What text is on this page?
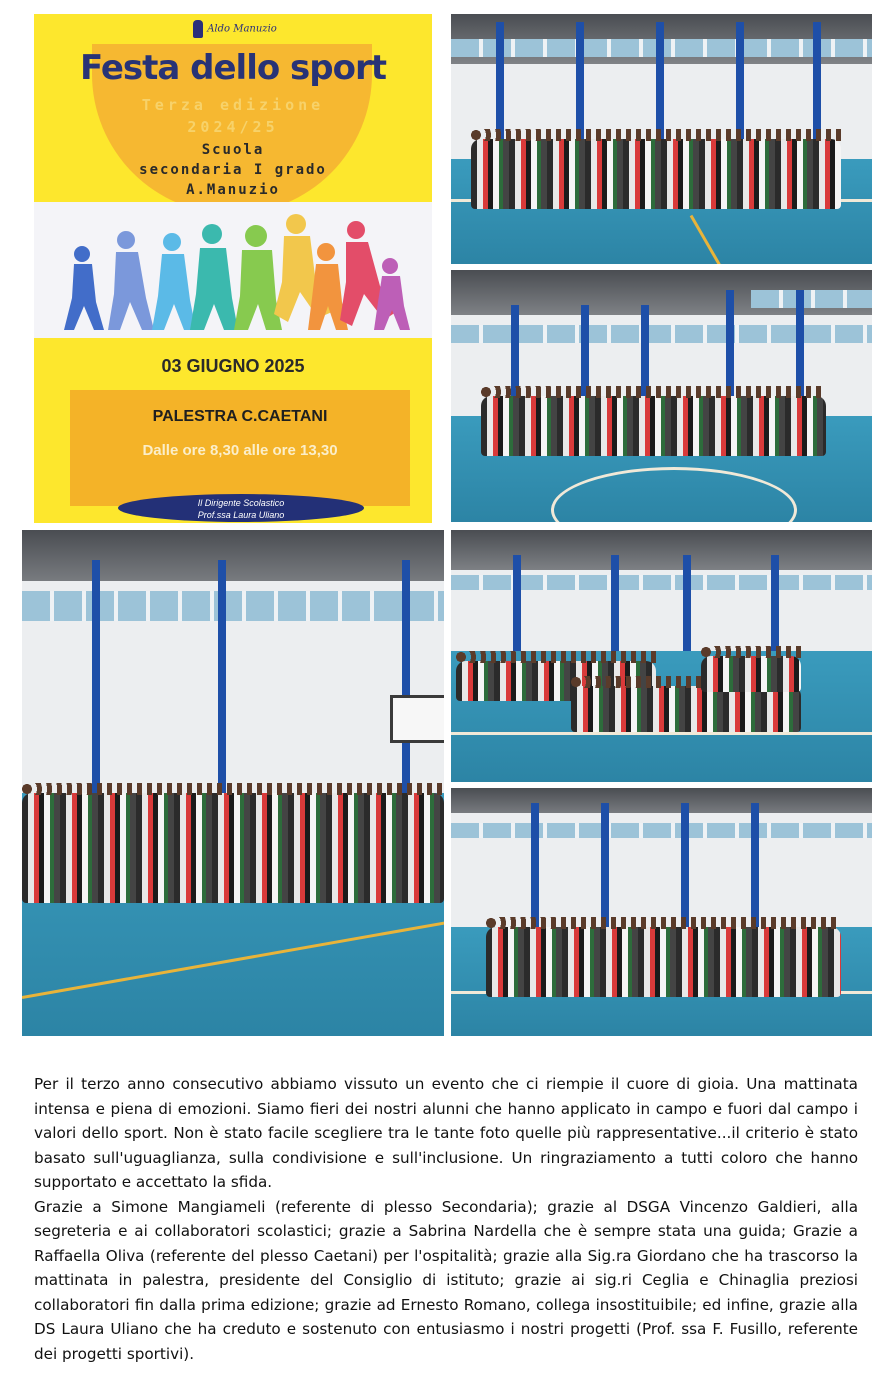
Aldo Manuzio
Festa dello sport
Terza edizione
2024/25
Scuola
secondaria I grado
A.Manuzio
03 GIUGNO 2025
PALESTRA C.CAETANI
Dalle ore 8,30 alle ore 13,30
Il Dirigente Scolastico
Prof.ssa Laura Uliano

Per il terzo anno consecutivo abbiamo vissuto un evento che ci riempie il cuore di gioia. Una mattinata intensa e piena di emozioni. Siamo fieri dei nostri alunni che hanno applicato in campo e fuori dal campo i valori dello sport. Non è stato facile scegliere tra le tante foto quelle più rappresentative...il criterio è stato basato sull'uguaglianza, sulla condivisione e sull'inclusione. Un ringraziamento a tutti coloro che hanno supportato e accettato la sfida.

Grazie a Simone Mangiameli (referente di plesso Secondaria); grazie al DSGA Vincenzo Galdieri, alla segreteria e ai collaboratori scolastici; grazie a Sabrina Nardella che è sempre stata una guida; Grazie a Raffaella Oliva (referente del plesso Caetani) per l'ospitalità; grazie alla Sig.ra Giordano che ha trascorso la mattinata in palestra, presidente del Consiglio di istituto; grazie ai sig.ri Ceglia e Chinaglia preziosi collaboratori fin dalla prima edizione; grazie ad Ernesto Romano, collega insostituibile; ed infine, grazie alla DS Laura Uliano che ha creduto e sostenuto con entusiasmo i nostri progetti (Prof. ssa F. Fusillo, referente dei progetti sportivi).
